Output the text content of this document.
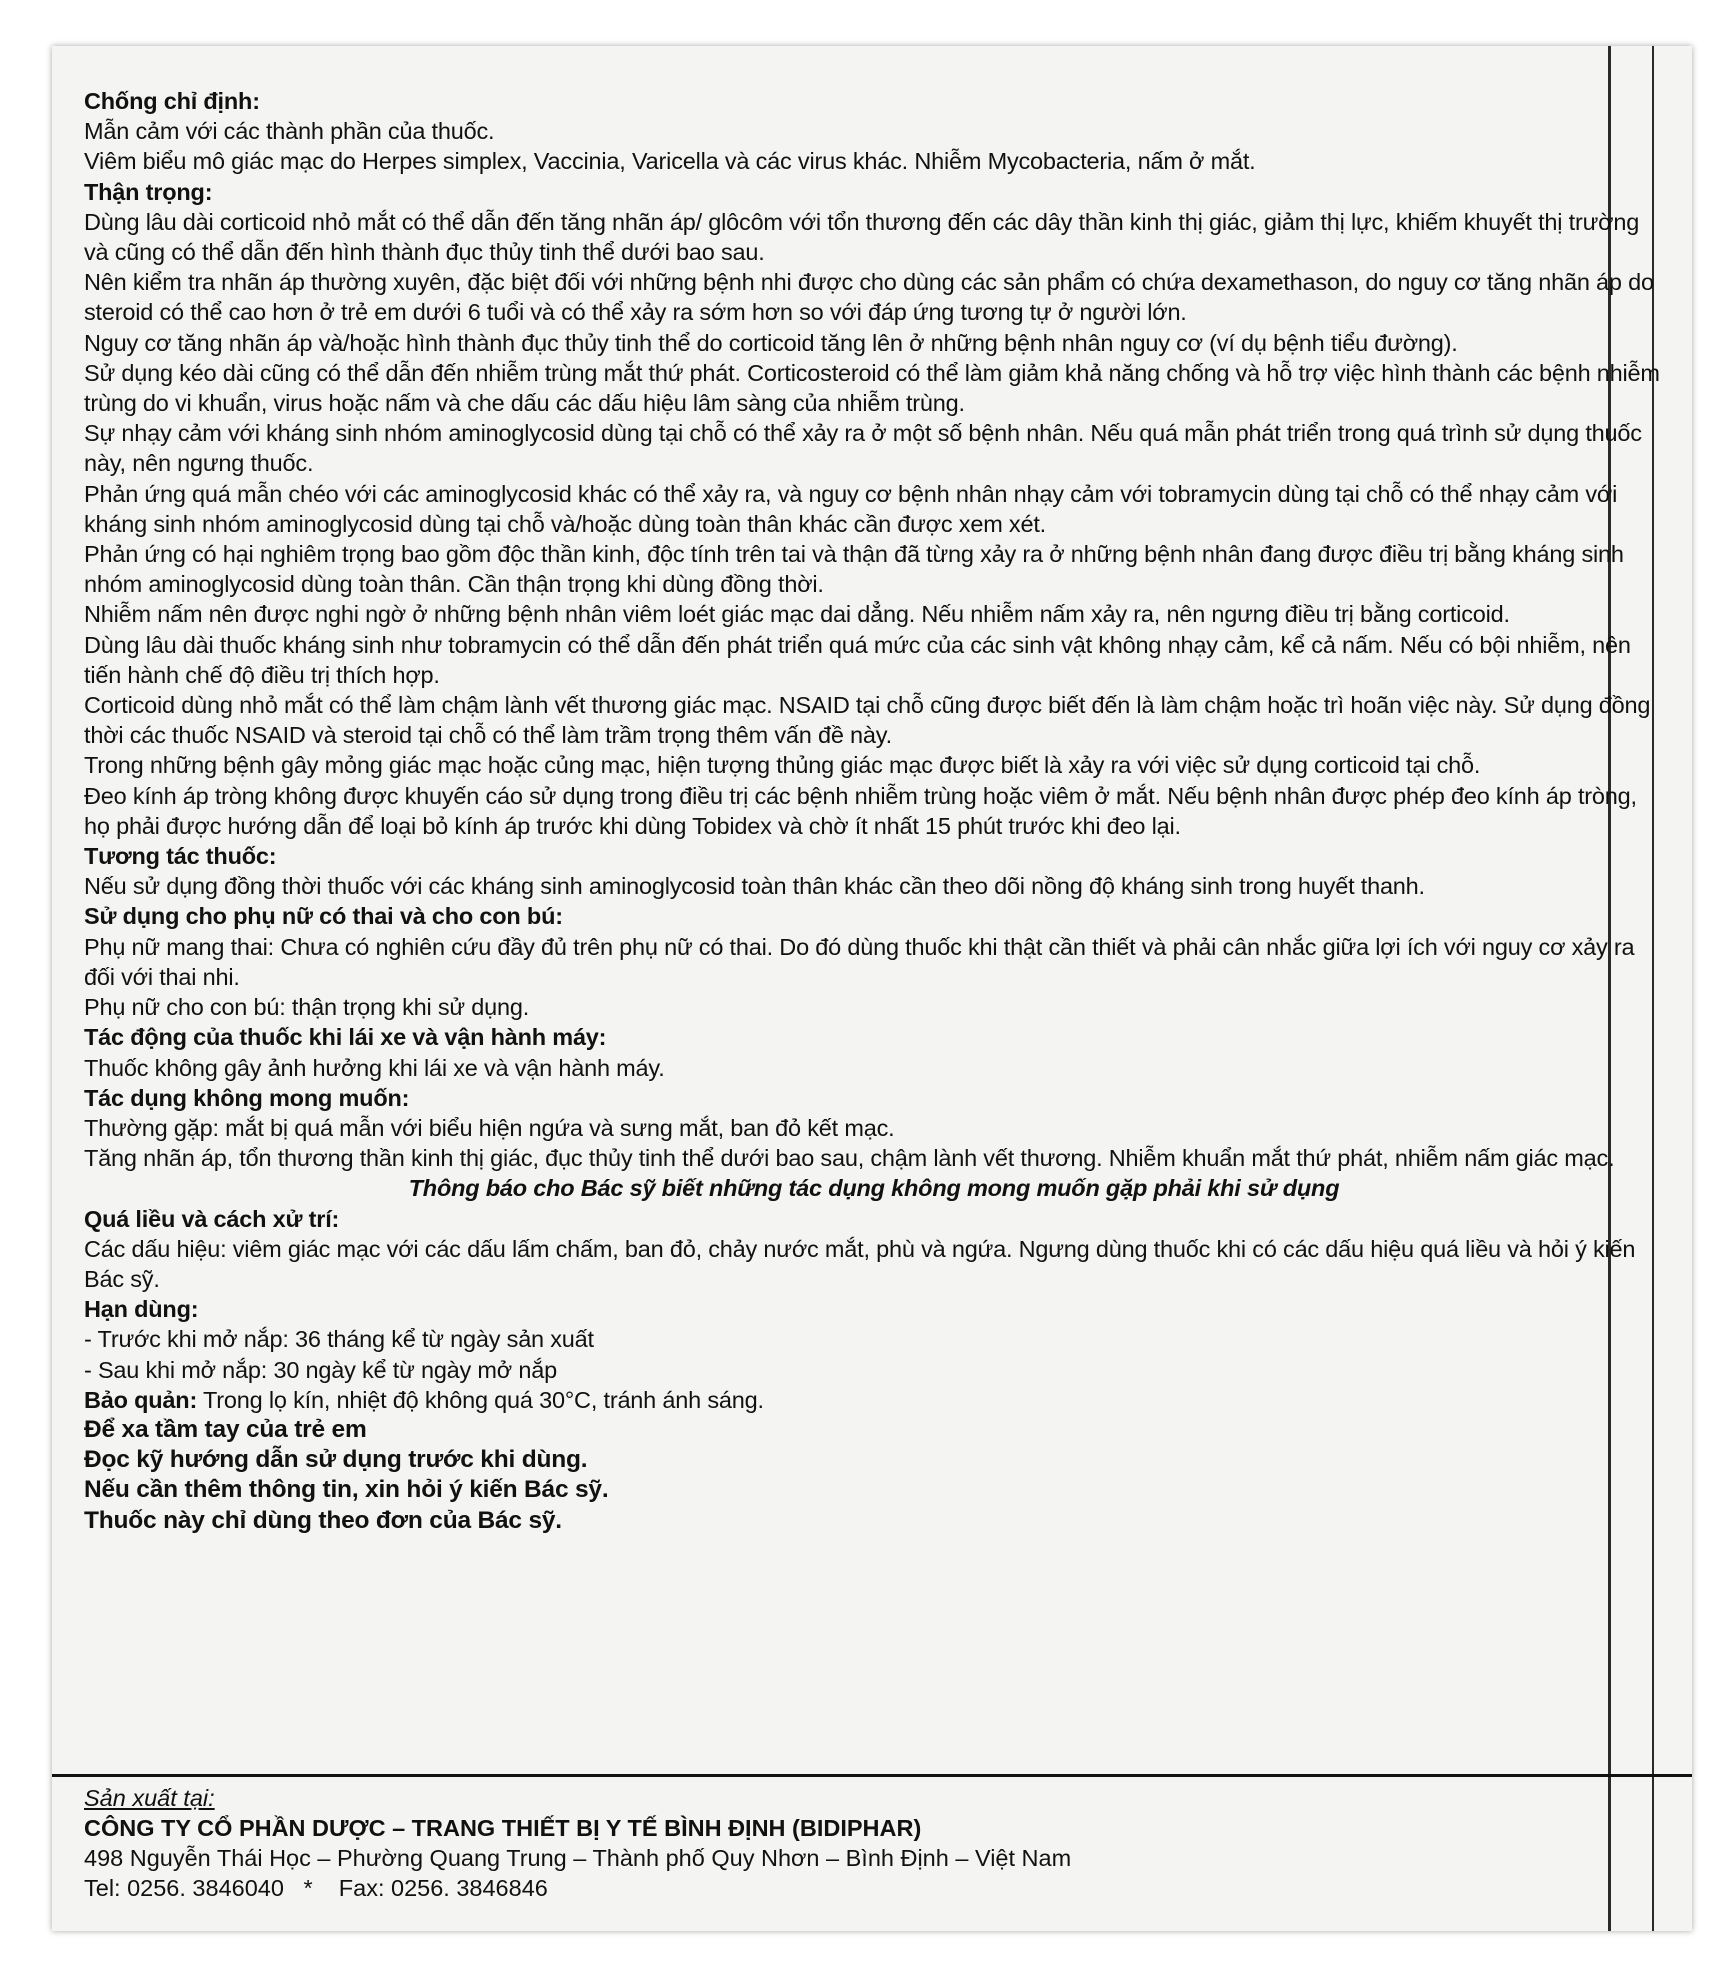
Chống chỉ định:

Mẫn cảm với các thành phần của thuốc.

Viêm biểu mô giác mạc do Herpes simplex, Vaccinia, Varicella và các virus khác. Nhiễm Mycobacteria, nấm ở mắt.

Thận trọng:

Dùng lâu dài corticoid nhỏ mắt có thể dẫn đến tăng nhãn áp/ glôcôm với tổn thương đến các dây thần kinh thị giác, giảm thị lực, khiếm khuyết thị trường và cũng có thể dẫn đến hình thành đục thủy tinh thể dưới bao sau.

Nên kiểm tra nhãn áp thường xuyên, đặc biệt đối với những bệnh nhi được cho dùng các sản phẩm có chứa dexamethason, do nguy cơ tăng nhãn áp do steroid có thể cao hơn ở trẻ em dưới 6 tuổi và có thể xảy ra sớm hơn so với đáp ứng tương tự ở người lớn.

Nguy cơ tăng nhãn áp và/hoặc hình thành đục thủy tinh thể do corticoid tăng lên ở những bệnh nhân nguy cơ (ví dụ bệnh tiểu đường).

Sử dụng kéo dài cũng có thể dẫn đến nhiễm trùng mắt thứ phát. Corticosteroid có thể làm giảm khả năng chống và hỗ trợ việc hình thành các bệnh nhiễm trùng do vi khuẩn, virus hoặc nấm và che dấu các dấu hiệu lâm sàng của nhiễm trùng.

Sự nhạy cảm với kháng sinh nhóm aminoglycosid dùng tại chỗ có thể xảy ra ở một số bệnh nhân. Nếu quá mẫn phát triển trong quá trình sử dụng thuốc này, nên ngưng thuốc.

Phản ứng quá mẫn chéo với các aminoglycosid khác có thể xảy ra, và nguy cơ bệnh nhân nhạy cảm với tobramycin dùng tại chỗ có thể nhạy cảm với kháng sinh nhóm aminoglycosid dùng tại chỗ và/hoặc dùng toàn thân khác cần được xem xét.

Phản ứng có hại nghiêm trọng bao gồm độc thần kinh, độc tính trên tai và thận đã từng xảy ra ở những bệnh nhân đang được điều trị bằng kháng sinh nhóm aminoglycosid dùng toàn thân. Cần thận trọng khi dùng đồng thời.

Nhiễm nấm nên được nghi ngờ ở những bệnh nhân viêm loét giác mạc dai dẳng. Nếu nhiễm nấm xảy ra, nên ngưng điều trị bằng corticoid.

Dùng lâu dài thuốc kháng sinh như tobramycin có thể dẫn đến phát triển quá mức của các sinh vật không nhạy cảm, kể cả nấm. Nếu có bội nhiễm, nên tiến hành chế độ điều trị thích hợp.

Corticoid dùng nhỏ mắt có thể làm chậm lành vết thương giác mạc. NSAID tại chỗ cũng được biết đến là làm chậm hoặc trì hoãn việc này. Sử dụng đồng thời các thuốc NSAID và steroid tại chỗ có thể làm trầm trọng thêm vấn đề này.

Trong những bệnh gây mỏng giác mạc hoặc củng mạc, hiện tượng thủng giác mạc được biết là xảy ra với việc sử dụng corticoid tại chỗ.

Đeo kính áp tròng không được khuyến cáo sử dụng trong điều trị các bệnh nhiễm trùng hoặc viêm ở mắt. Nếu bệnh nhân được phép đeo kính áp tròng, họ phải được hướng dẫn để loại bỏ kính áp trước khi dùng Tobidex và chờ ít nhất 15 phút trước khi đeo lại.

Tương tác thuốc:

Nếu sử dụng đồng thời thuốc với các kháng sinh aminoglycosid toàn thân khác cần theo dõi nồng độ kháng sinh trong huyết thanh.

Sử dụng cho phụ nữ có thai và cho con bú:

Phụ nữ mang thai: Chưa có nghiên cứu đầy đủ trên phụ nữ có thai. Do đó dùng thuốc khi thật cần thiết và phải cân nhắc giữa lợi ích với nguy cơ xảy ra đối với thai nhi.

Phụ nữ cho con bú: thận trọng khi sử dụng.

Tác động của thuốc khi lái xe và vận hành máy:

Thuốc không gây ảnh hưởng khi lái xe và vận hành máy.

Tác dụng không mong muốn:

Thường gặp: mắt bị quá mẫn với biểu hiện ngứa và sưng mắt, ban đỏ kết mạc.

Tăng nhãn áp, tổn thương thần kinh thị giác, đục thủy tinh thể dưới bao sau, chậm lành vết thương. Nhiễm khuẩn mắt thứ phát, nhiễm nấm giác mạc.

Thông báo cho Bác sỹ biết những tác dụng không mong muốn gặp phải khi sử dụng

Quá liều và cách xử trí:

Các dấu hiệu: viêm giác mạc với các dấu lấm chấm, ban đỏ, chảy nước mắt, phù và ngứa. Ngưng dùng thuốc khi có các dấu hiệu quá liều và hỏi ý kiến Bác sỹ.

Hạn dùng:

- Trước khi mở nắp: 36 tháng kể từ ngày sản xuất

- Sau khi mở nắp: 30 ngày kể từ ngày mở nắp

Bảo quản: Trong lọ kín, nhiệt độ không quá 30°C, tránh ánh sáng.

Để xa tầm tay của trẻ em

Đọc kỹ hướng dẫn sử dụng trước khi dùng.

Nếu cần thêm thông tin, xin hỏi ý kiến Bác sỹ.

Thuốc này chỉ dùng theo đơn của Bác sỹ.

Sản xuất tại:

CÔNG TY CỔ PHẦN DƯỢC – TRANG THIẾT BỊ Y TẾ BÌNH ĐỊNH (BIDIPHAR)

498 Nguyễn Thái Học – Phường Quang Trung – Thành phố Quy Nhơn – Bình Định – Việt Nam

Tel: 0256. 3846040   *    Fax: 0256. 3846846
